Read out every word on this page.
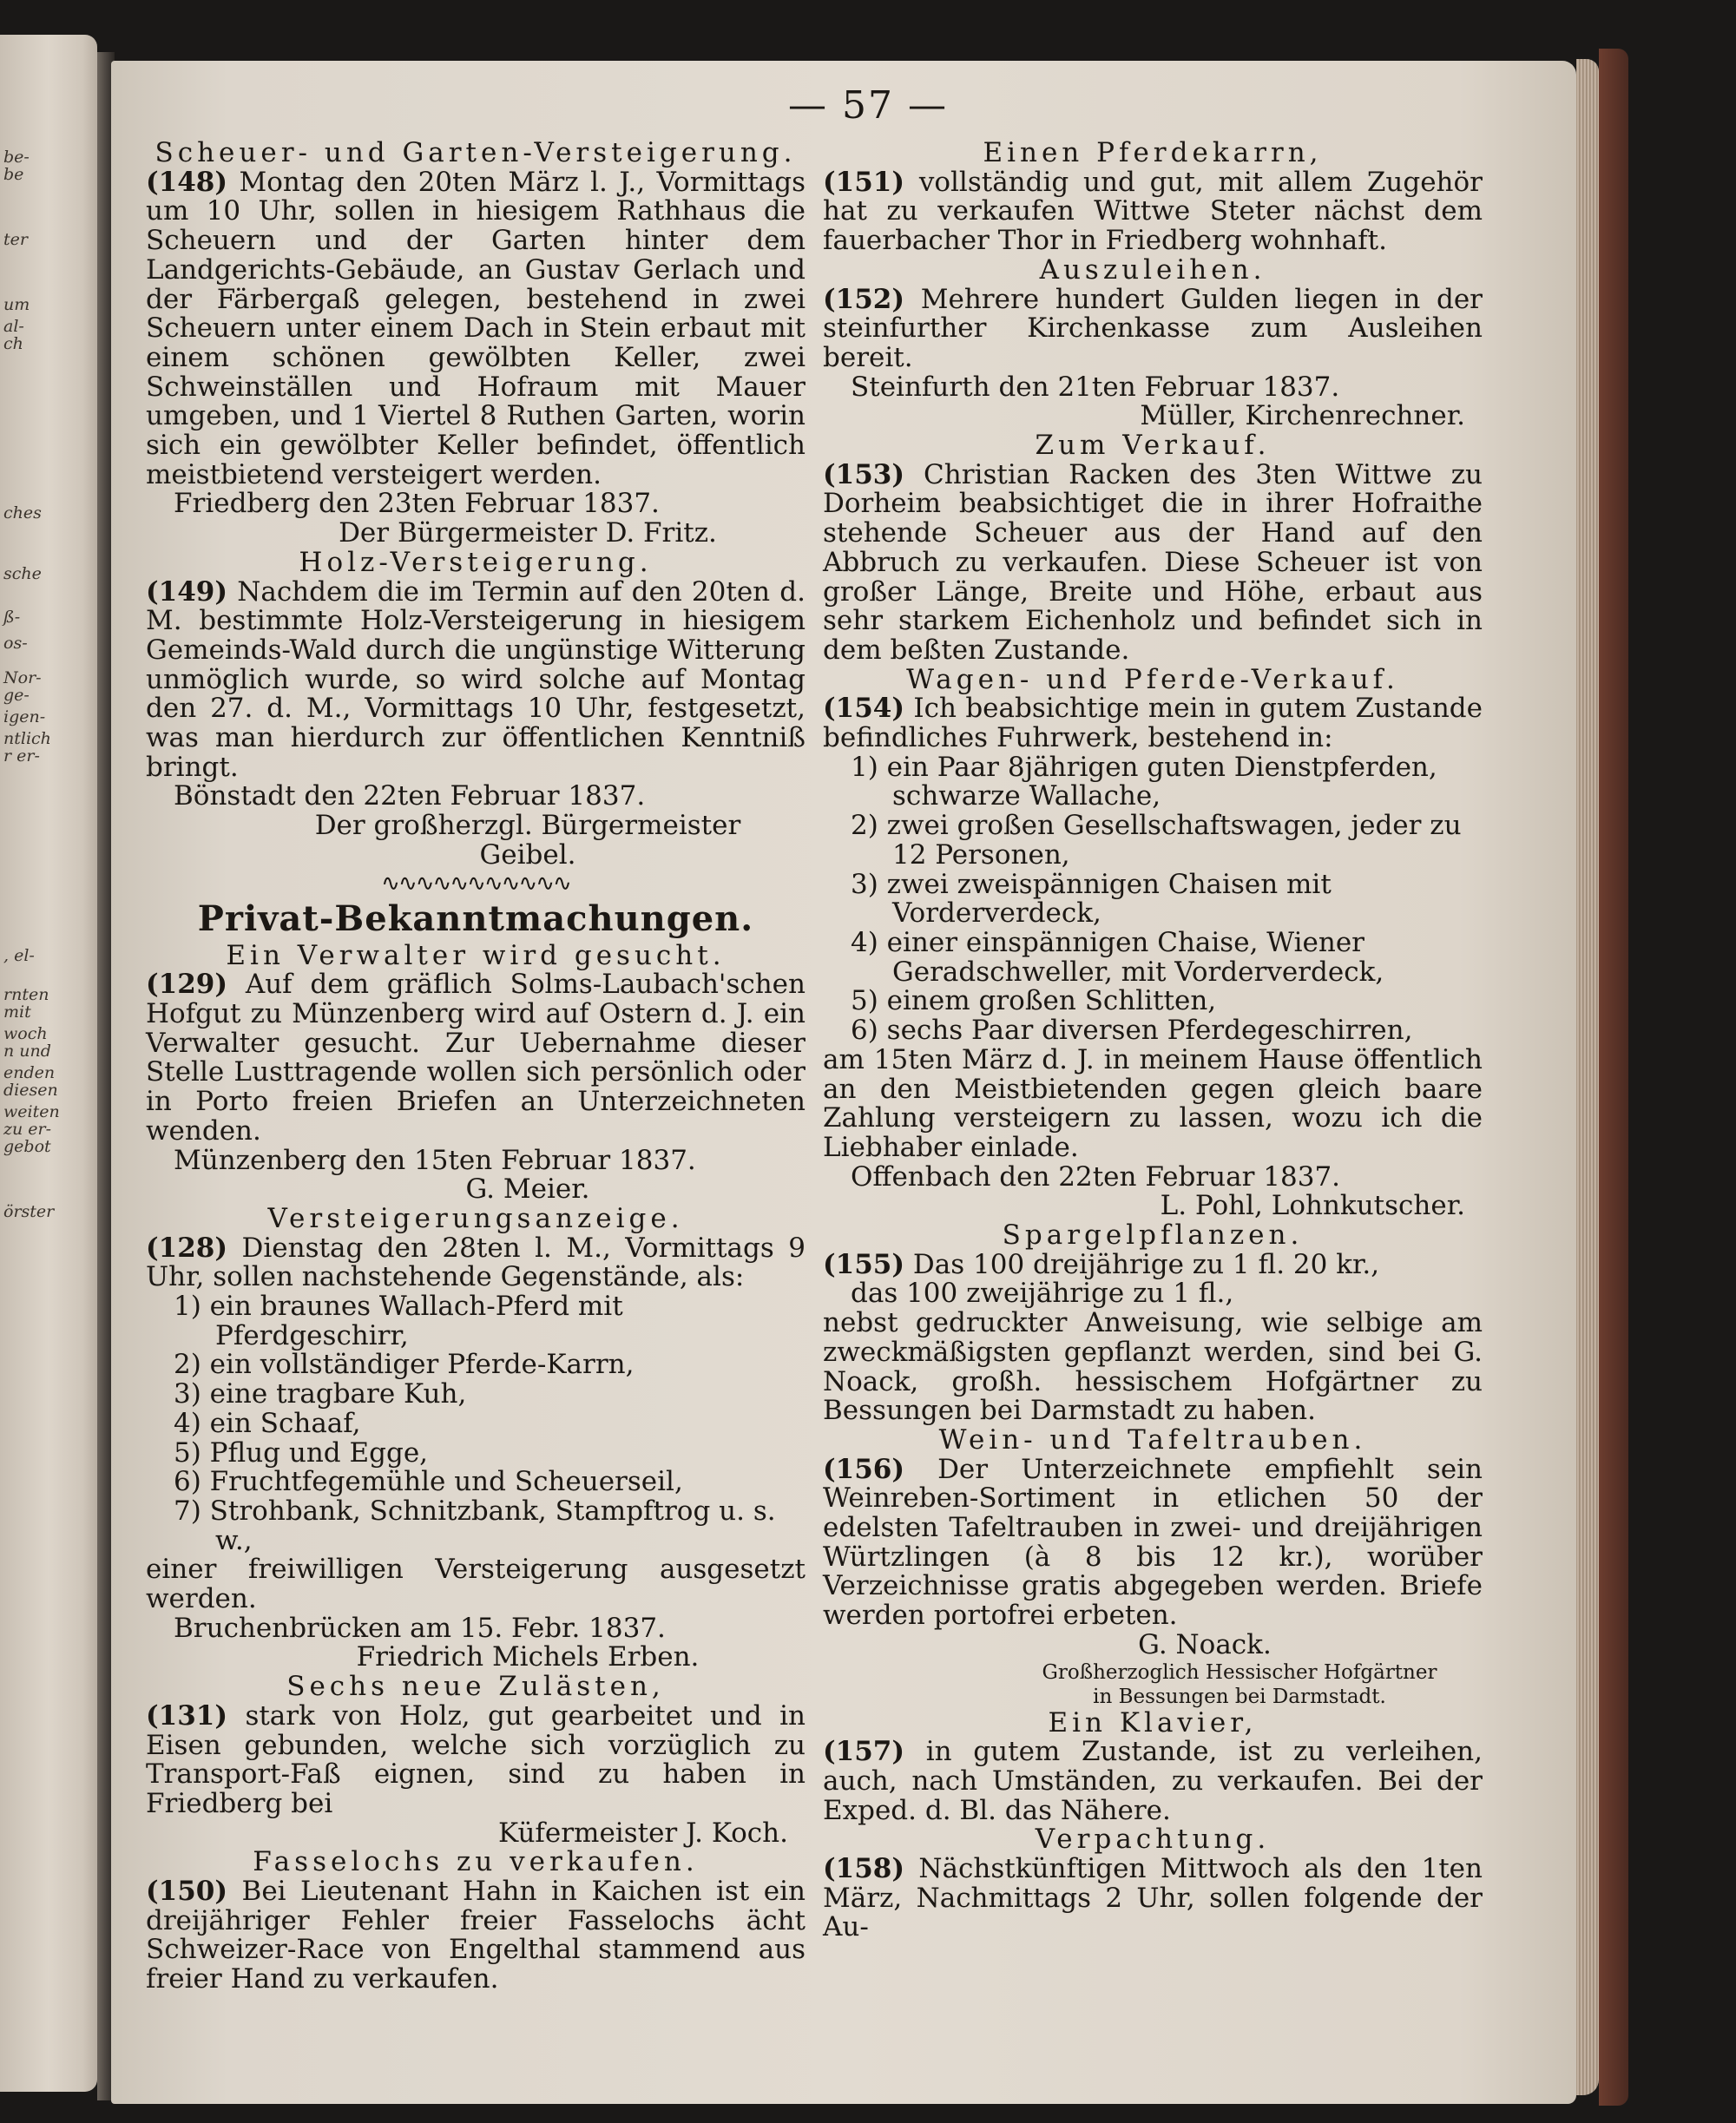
be-
be
ter
um
al-
ch
ches
sche
ß-
os-
Nor-
ge-
igen-
ntlich
r er-
, el-
rnten
mit
woch
n und
enden
diesen
weiten
zu er-
gebot
örster
— 57 —

Scheuer- und Garten-Versteigerung.

(148) Montag den 20ten März l. J., Vormittags um 10 Uhr, sollen in hiesigem Rathhaus die Scheuern und der Garten hinter dem Landgerichts-Gebäude, an Gustav Gerlach und der Färbergaß gelegen, bestehend in zwei Scheuern unter einem Dach in Stein erbaut mit einem schönen gewölbten Keller, zwei Schweinställen und Hofraum mit Mauer umgeben, und 1 Viertel 8 Ruthen Garten, worin sich ein gewölbter Keller befindet, öffentlich meistbietend versteigert werden.

Friedberg den 23ten Februar 1837.

Der Bürgermeister D. Fritz.

Holz-Versteigerung.

(149) Nachdem die im Termin auf den 20ten d. M. bestimmte Holz-Versteigerung in hiesigem Gemeinds-Wald durch die ungünstige Witterung unmöglich wurde, so wird solche auf Montag den 27. d. M., Vormittags 10 Uhr, festgesetzt, was man hierdurch zur öffentlichen Kenntniß bringt.

Bönstadt den 22ten Februar 1837.

Der großherzgl. Bürgermeister

Geibel.

∿∿∿∿∿∿∿∿∿∿∿

Privat-Bekanntmachungen.

Ein Verwalter wird gesucht.

(129) Auf dem gräflich Solms-Laubach'schen Hofgut zu Münzenberg wird auf Ostern d. J. ein Verwalter gesucht. Zur Uebernahme dieser Stelle Lusttragende wollen sich persönlich oder in Porto freien Briefen an Unterzeichneten wenden.

Münzenberg den 15ten Februar 1837.

G. Meier.

Versteigerungsanzeige.

(128) Dienstag den 28ten l. M., Vormittags 9 Uhr, sollen nachstehende Gegenstände, als:

1) ein braunes Wallach-Pferd mit Pferdgeschirr,

2) ein vollständiger Pferde-Karrn,

3) eine tragbare Kuh,

4) ein Schaaf,

5) Pflug und Egge,

6) Fruchtfegemühle und Scheuerseil,

7) Strohbank, Schnitzbank, Stampftrog u. s. w.,

einer freiwilligen Versteigerung ausgesetzt werden.

Bruchenbrücken am 15. Febr. 1837.

Friedrich Michels Erben.

Sechs neue Zulästen,

(131) stark von Holz, gut gearbeitet und in Eisen gebunden, welche sich vorzüglich zu Transport-Faß eignen, sind zu haben in Friedberg bei

Küfermeister J. Koch.

Fasselochs zu verkaufen.

(150) Bei Lieutenant Hahn in Kaichen ist ein dreijähriger Fehler freier Fasselochs ächt Schweizer-Race von Engelthal stammend aus freier Hand zu verkaufen.

Einen Pferdekarrn,

(151) vollständig und gut, mit allem Zugehör hat zu verkaufen Wittwe Steter nächst dem fauerbacher Thor in Friedberg wohnhaft.

Auszuleihen.

(152) Mehrere hundert Gulden liegen in der steinfurther Kirchenkasse zum Ausleihen bereit.

Steinfurth den 21ten Februar 1837.

Müller, Kirchenrechner.

Zum Verkauf.

(153) Christian Racken des 3ten Wittwe zu Dorheim beabsichtiget die in ihrer Hofraithe stehende Scheuer aus der Hand auf den Abbruch zu verkaufen. Diese Scheuer ist von großer Länge, Breite und Höhe, erbaut aus sehr starkem Eichenholz und befindet sich in dem beßten Zustande.

Wagen- und Pferde-Verkauf.

(154) Ich beabsichtige mein in gutem Zustande befindliches Fuhrwerk, bestehend in:

1) ein Paar 8jährigen guten Dienstpferden, schwarze Wallache,

2) zwei großen Gesellschaftswagen, jeder zu 12 Personen,

3) zwei zweispännigen Chaisen mit Vorderverdeck,

4) einer einspännigen Chaise, Wiener Geradschweller, mit Vorderverdeck,

5) einem großen Schlitten,

6) sechs Paar diversen Pferdegeschirren,

am 15ten März d. J. in meinem Hause öffentlich an den Meistbietenden gegen gleich baare Zahlung versteigern zu lassen, wozu ich die Liebhaber einlade.

Offenbach den 22ten Februar 1837.

L. Pohl, Lohnkutscher.

Spargelpflanzen.

(155) Das 100 dreijährige zu 1 fl. 20 kr.,

das 100 zweijährige zu 1 fl.,

nebst gedruckter Anweisung, wie selbige am zweckmäßigsten gepflanzt werden, sind bei G. Noack, großh. hessischem Hofgärtner zu Bessungen bei Darmstadt zu haben.

Wein- und Tafeltrauben.

(156) Der Unterzeichnete empfiehlt sein Weinreben-Sortiment in etlichen 50 der edelsten Tafeltrauben in zwei- und dreijährigen Würtzlingen (à 8 bis 12 kr.), worüber Verzeichnisse gratis abgegeben werden. Briefe werden portofrei erbeten.

G. Noack.

Großherzoglich Hessischer Hofgärtner

in Bessungen bei Darmstadt.

Ein Klavier,

(157) in gutem Zustande, ist zu verleihen, auch, nach Umständen, zu verkaufen. Bei der Exped. d. Bl. das Nähere.

Verpachtung.

(158) Nächstkünftigen Mittwoch als den 1ten März, Nachmittags 2 Uhr, sollen folgende der Au-
